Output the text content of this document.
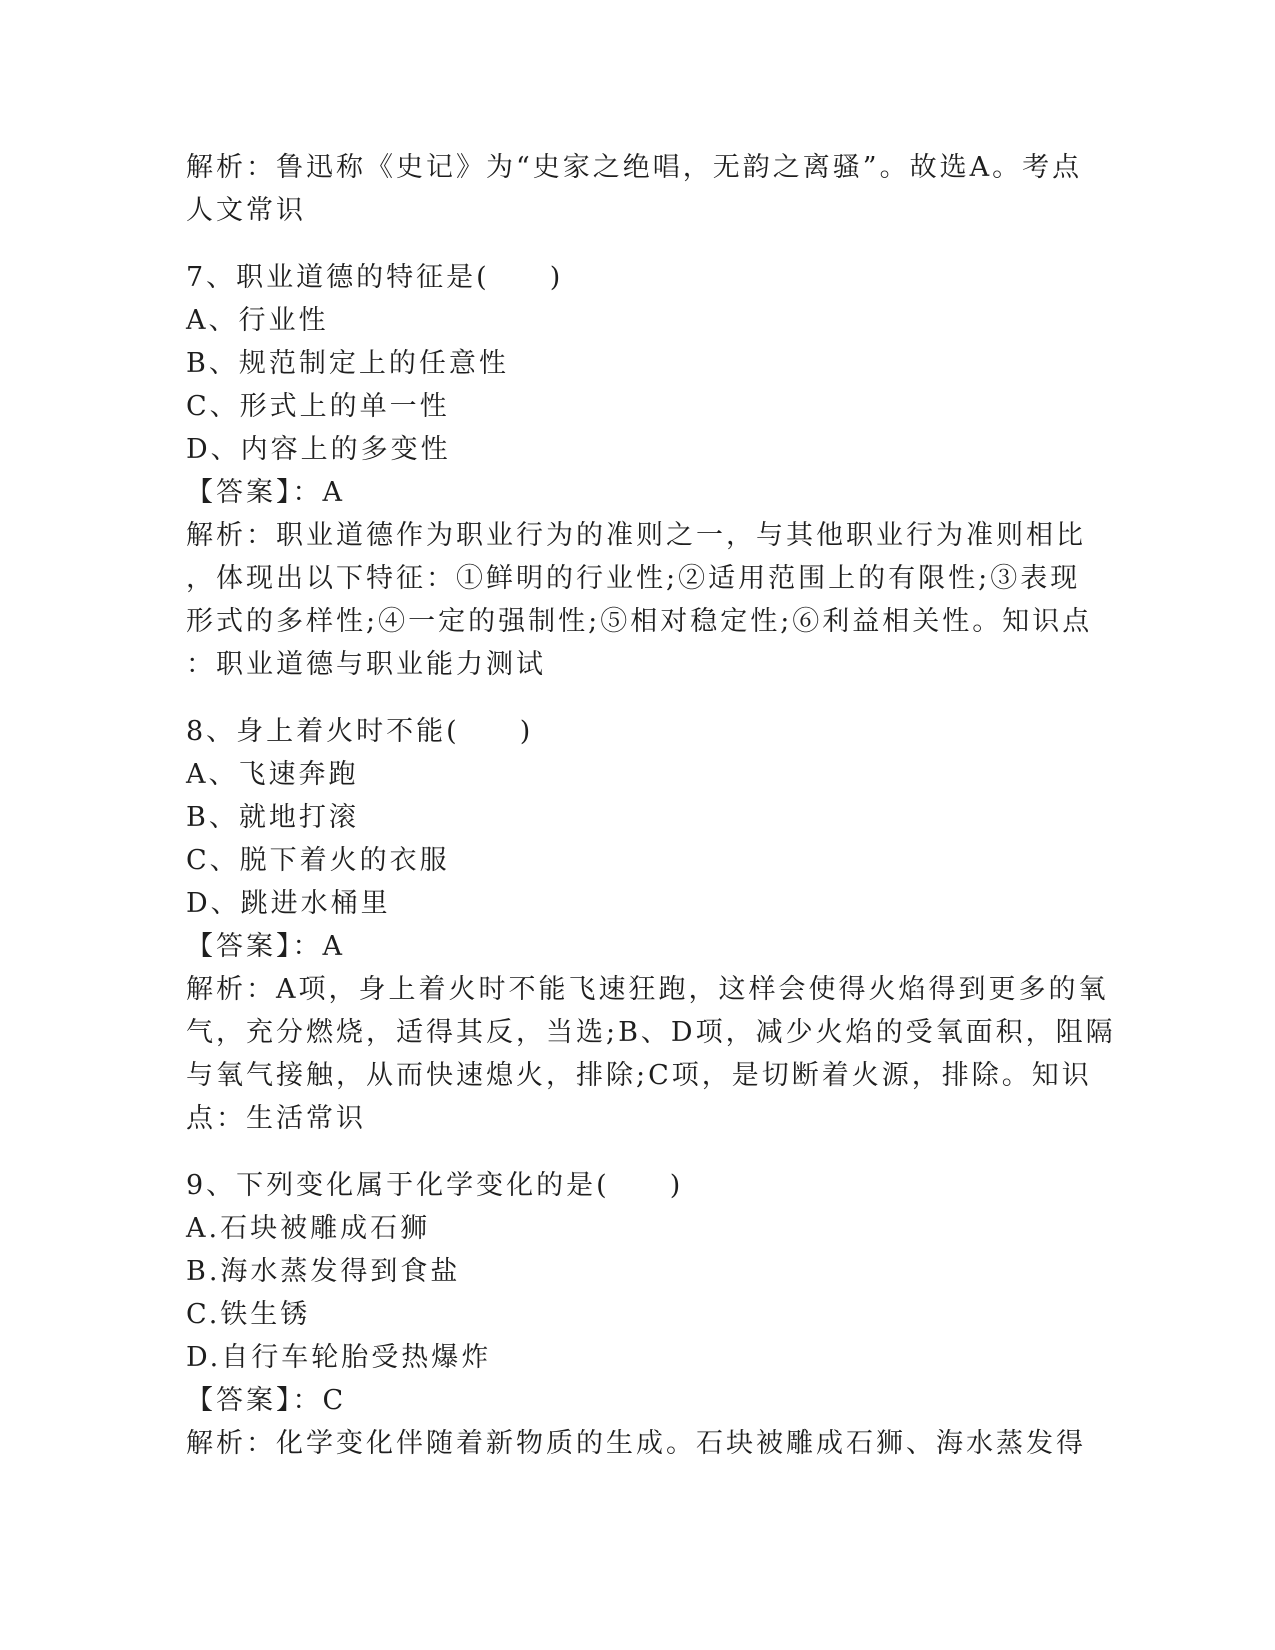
解析：鲁迅称《史记》为“史家之绝唱，无韵之离骚”。故选A。考点
人文常识
7、职业道德的特征是(　　)
A、行业性
B、规范制定上的任意性
C、形式上的单一性
D、内容上的多变性
【答案】：A
解析：职业道德作为职业行为的准则之一，与其他职业行为准则相比
，体现出以下特征：①鲜明的行业性;②适用范围上的有限性;③表现
形式的多样性;④一定的强制性;⑤相对稳定性;⑥利益相关性。知识点
：职业道德与职业能力测试
8、身上着火时不能(　　)
A、飞速奔跑
B、就地打滚
C、脱下着火的衣服
D、跳进水桶里
【答案】：A
解析：A项，身上着火时不能飞速狂跑，这样会使得火焰得到更多的氧
气，充分燃烧，适得其反，当选;B、D项，减少火焰的受氧面积，阻隔
与氧气接触，从而快速熄火，排除;C项，是切断着火源，排除。知识
点：生活常识
9、下列变化属于化学变化的是(　　)
A.石块被雕成石狮
B.海水蒸发得到食盐
C.铁生锈
D.自行车轮胎受热爆炸
【答案】：C
解析：化学变化伴随着新物质的生成。石块被雕成石狮、海水蒸发得
